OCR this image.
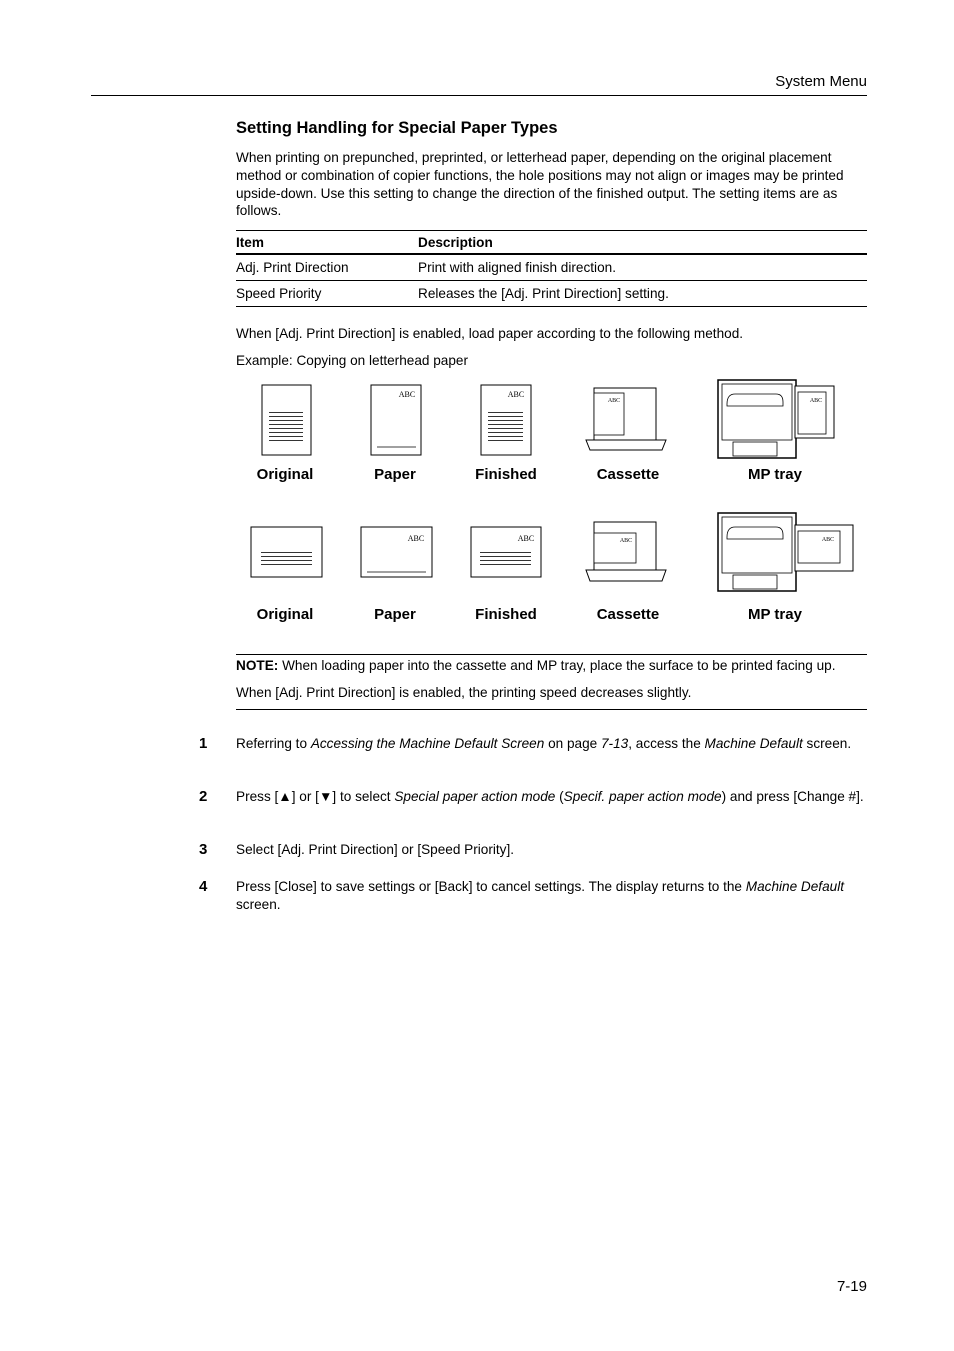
System Menu
Setting Handling for Special Paper Types
When printing on prepunched, preprinted, or letterhead paper, depending on the original placement method or combination of copier functions, the hole positions may not align or images may be printed upside-down. Use this setting to change the direction of the finished output. The setting items are as follows.
Item	Description
Adj. Print Direction	Print with aligned finish direction.
Speed Priority	Releases the [Adj. Print Direction] setting.
When [Adj. Print Direction] is enabled, load paper according to the following method.
Example: Copying on letterhead paper
ABC	ABC
ABC	ABC
Original	Paper	Finished	Cassette	MP tray
ABC	ABC	ABC	ABC
Original	Paper	Finished	Cassette	MP tray
NOTE: When loading paper into the cassette and MP tray, place the surface to be printed facing up.
When [Adj. Print Direction] is enabled, the printing speed decreases slightly.
1 Referring to Accessing the Machine Default Screen on page 7-13, access the Machine Default screen.
2 Press [▲] or [▼] to select Special paper action mode (Specif. paper action mode) and press [Change #].
3 Select [Adj. Print Direction] or [Speed Priority].
4 Press [Close] to save settings or [Back] to cancel settings. The display returns to the Machine Default screen.
7-19
